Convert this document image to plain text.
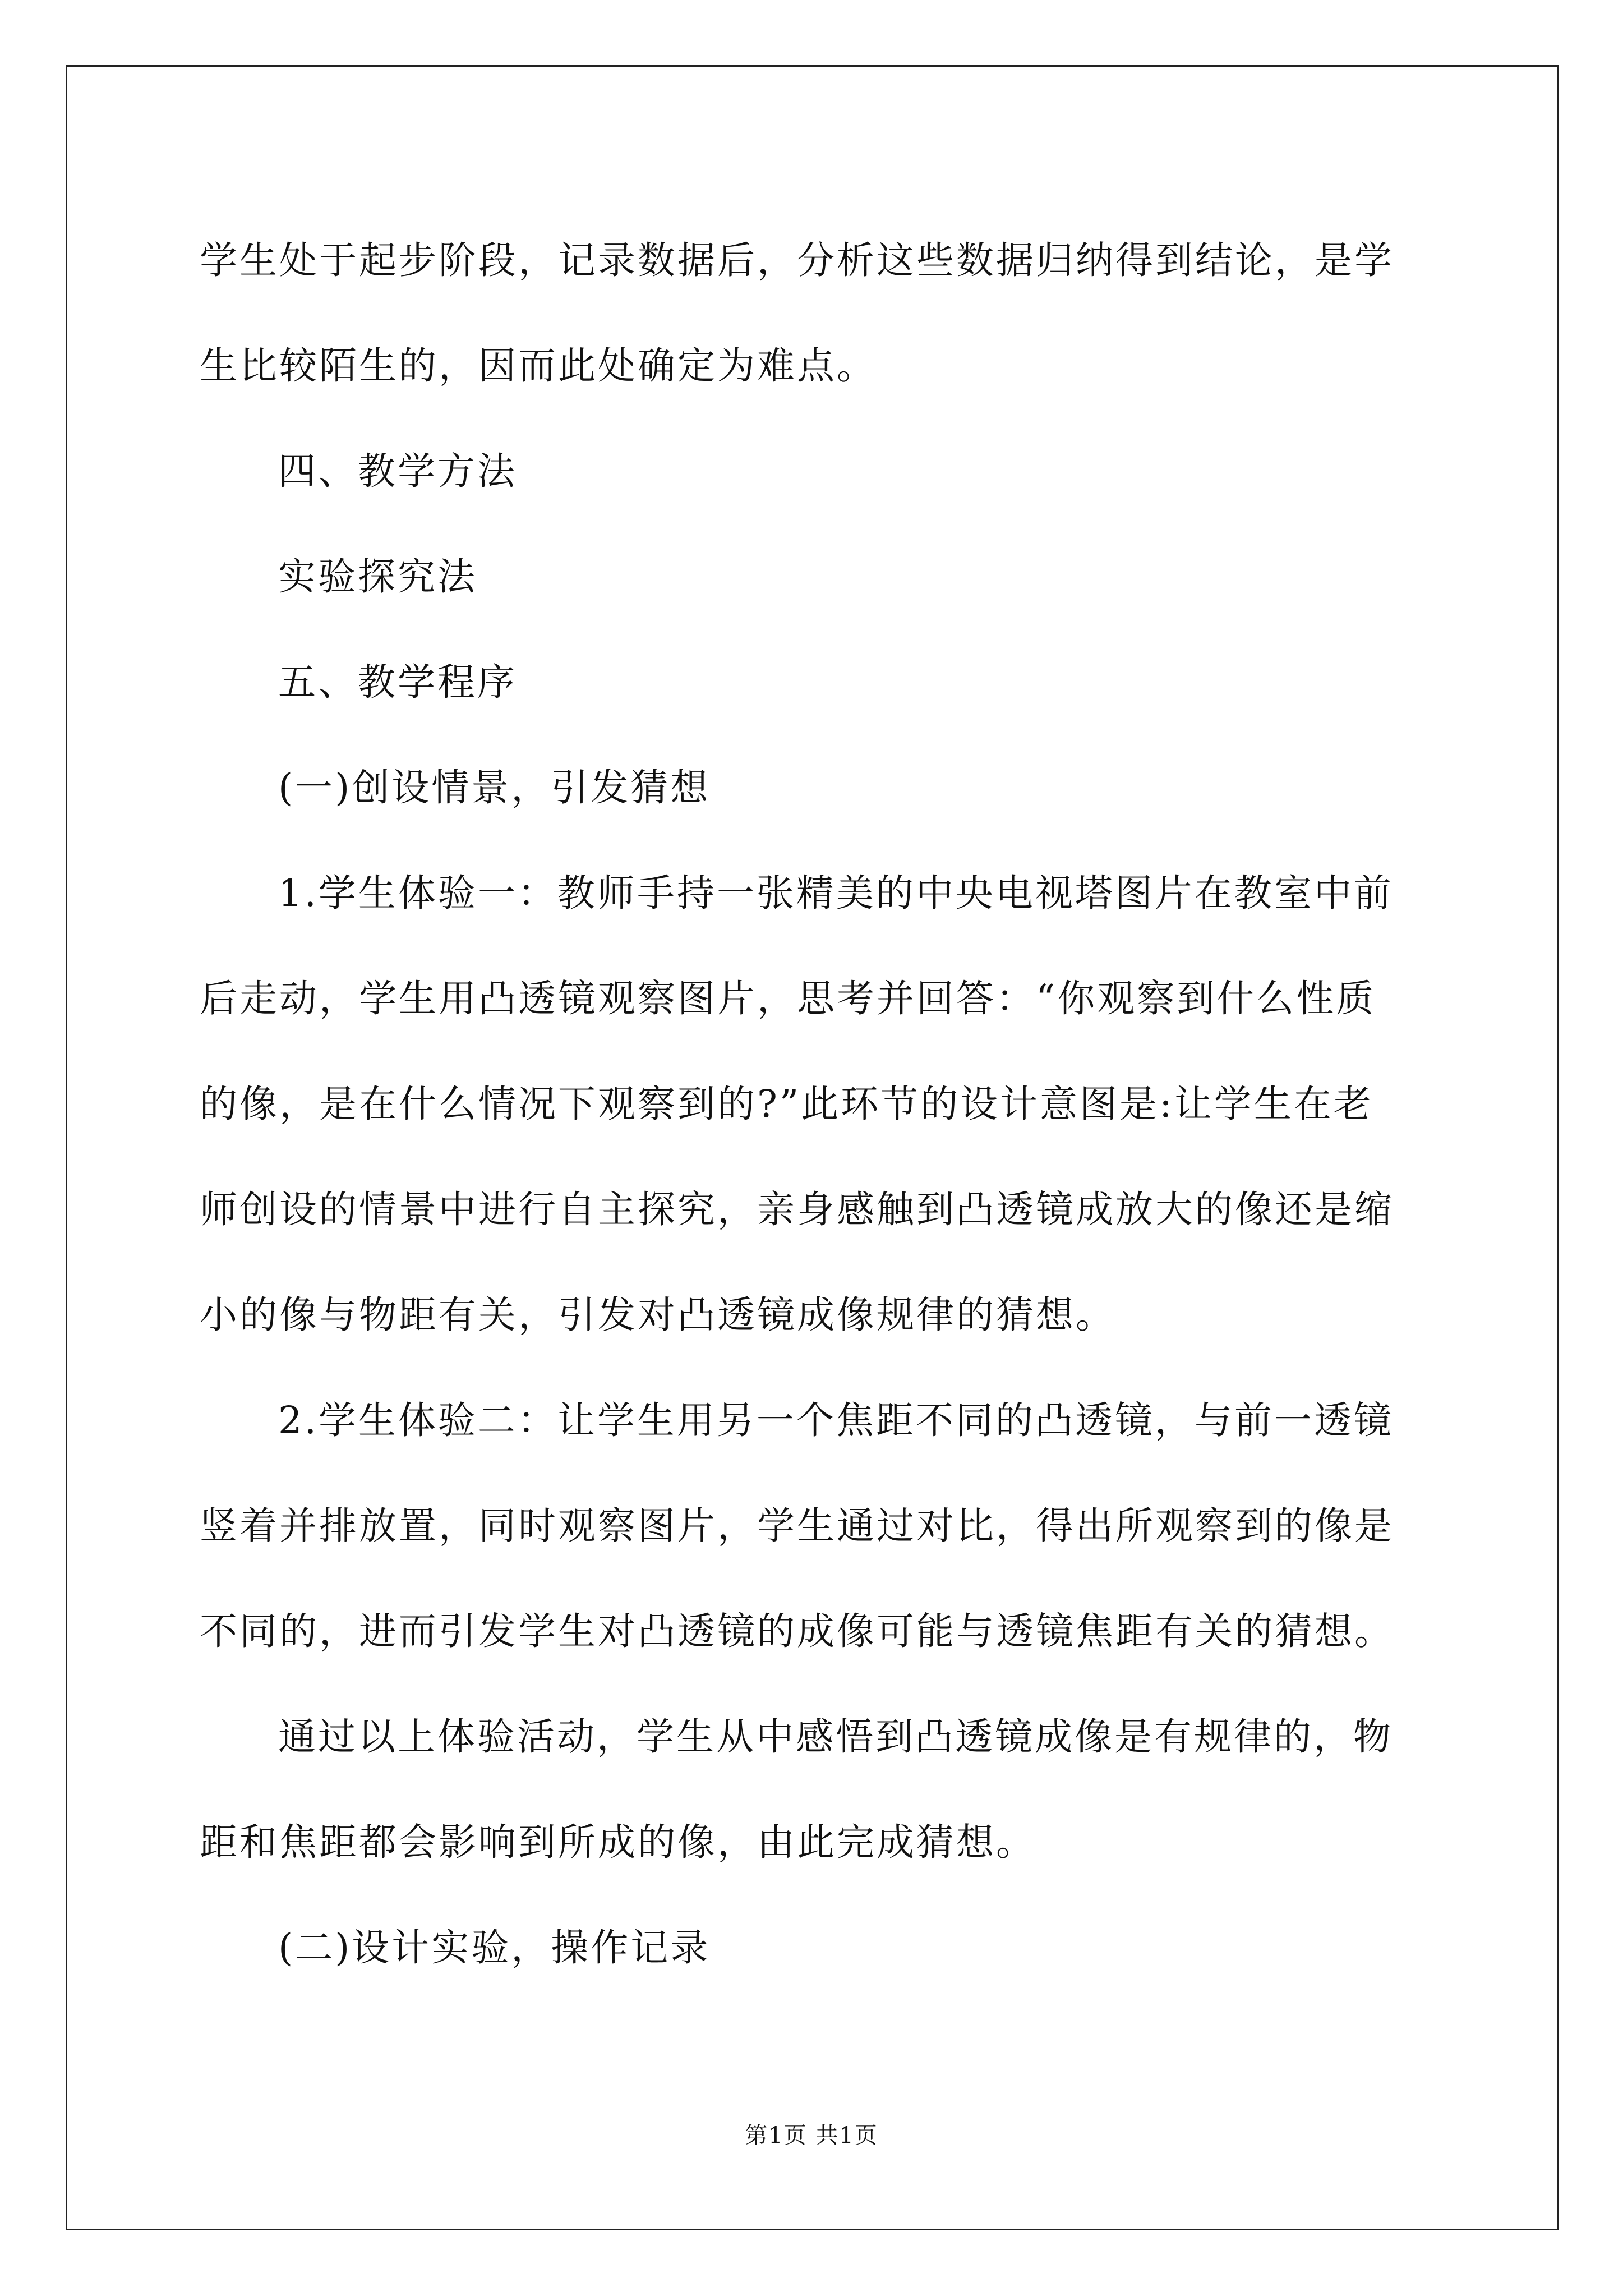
学生处于起步阶段，记录数据后，分析这些数据归纳得到结论，是学

生比较陌生的，因而此处确定为难点。

四、教学方法

实验探究法

五、教学程序

(一)创设情景，引发猜想

1.学生体验一：教师手持一张精美的中央电视塔图片在教室中前

后走动，学生用凸透镜观察图片，思考并回答：“你观察到什么性质

的像，是在什么情况下观察到的?”此环节的设计意图是:让学生在老

师创设的情景中进行自主探究，亲身感触到凸透镜成放大的像还是缩

小的像与物距有关，引发对凸透镜成像规律的猜想。

2.学生体验二：让学生用另一个焦距不同的凸透镜，与前一透镜

竖着并排放置，同时观察图片，学生通过对比，得出所观察到的像是

不同的，进而引发学生对凸透镜的成像可能与透镜焦距有关的猜想。

通过以上体验活动，学生从中感悟到凸透镜成像是有规律的，物

距和焦距都会影响到所成的像，由此完成猜想。

(二)设计实验，操作记录

第1页 共1页
